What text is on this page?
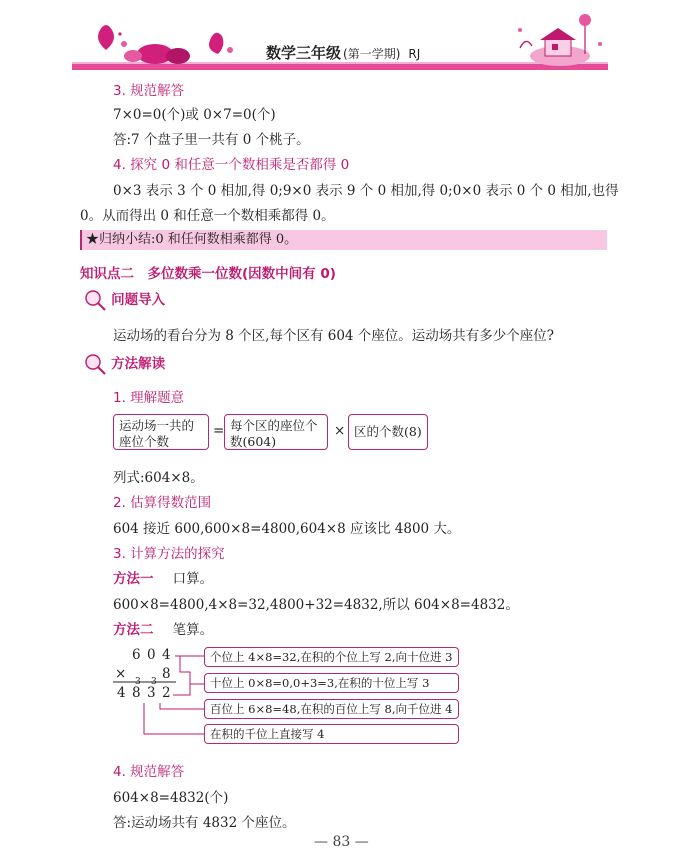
数学三年级 (第一学期) RJ
3. 规范解答
7×0=0(个)或 0×7=0(个)
答:7 个盘子里一共有 0 个桃子。
4. 探究 0 和任意一个数相乘是否都得 0
0×3 表示 3 个 0 相加,得 0;9×0 表示 9 个 0 相加,得 0;0×0 表示 0 个 0 相加,也得
0。从而得出 0 和任意一个数相乘都得 0。
★归纳小结:0 和任何数相乘都得 0。
知识点二　多位数乘一位数(因数中间有 0)
问题导入
运动场的看台分为 8 个区,每个区有 604 个座位。运动场共有多少个座位?
方法解读
1. 理解题意
运动场一共的座位个数
= 每个区的座位个数(604)
× 区的个数(8)
列式:604×8。
2. 估算得数范围
604 接近 600,600×8=4800,604×8 应该比 4800 大。
3. 计算方法的探究
方法一 口算。
600×8=4800,4×8=32,4800+32=4832,所以 604×8=4832。
方法二 笔算。
6 0 4
×	8
3
3
4 8 3 2
个位上 4×8=32,在积的个位上写 2,向十位进 3
十位上 0×8=0,0+3=3,在积的十位上写 3
百位上 6×8=48,在积的百位上写 8,向千位进 4
在积的千位上直接写 4
4. 规范解答
604×8=4832(个)
答:运动场共有 4832 个座位。
— 83 —
